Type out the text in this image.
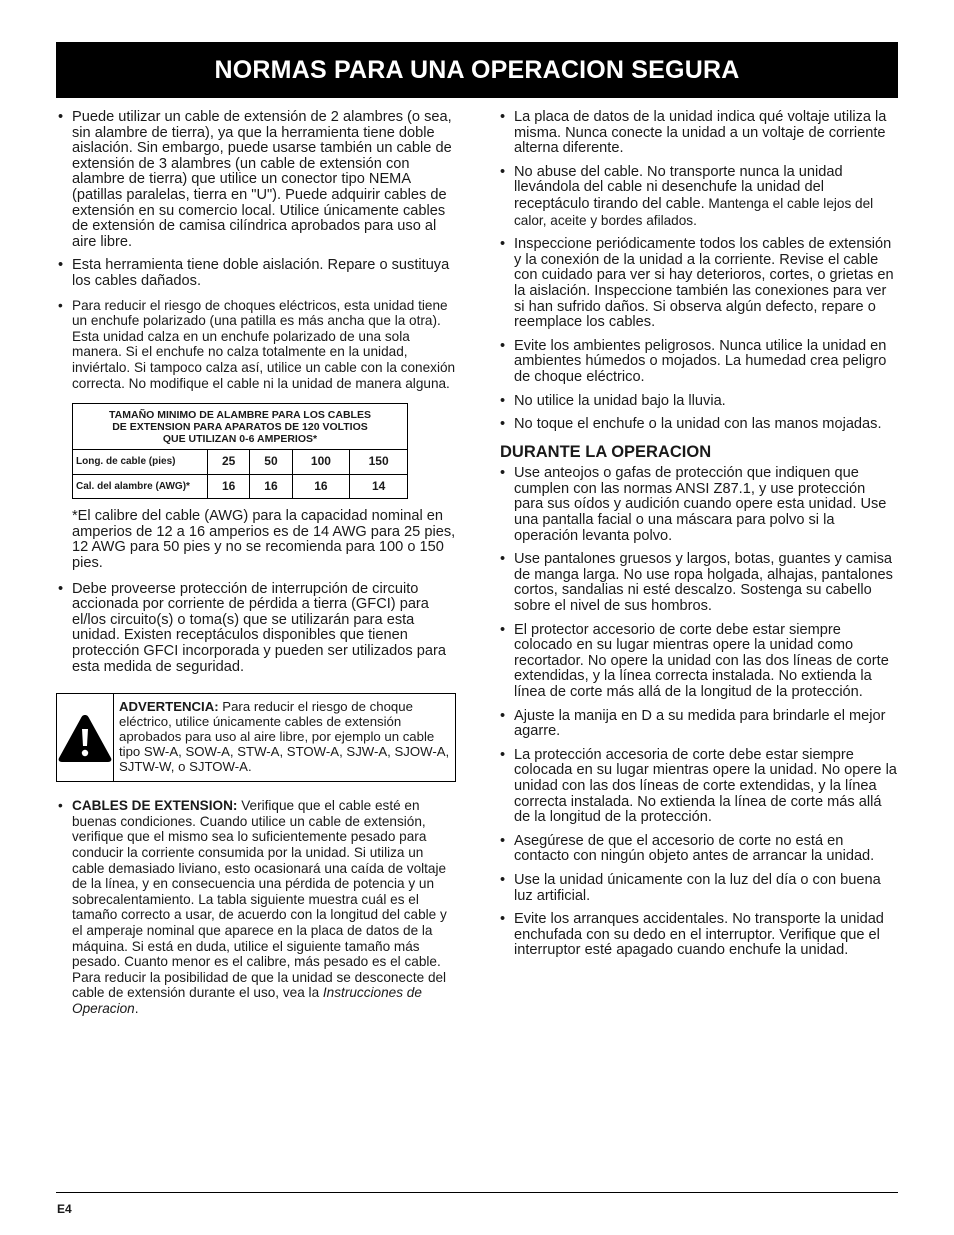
NORMAS PARA UNA OPERACION SEGURA
• Puede utilizar un cable de extensión de 2 alambres (o sea, sin alambre de tierra), ya que la herramienta tiene doble aislación. Sin embargo, puede usarse también un cable de extensión de 3 alambres (un cable de extensión con alambre de tierra) que utilice un conector tipo NEMA (patillas paralelas, tierra en "U"). Puede adquirir cables de extensión en su comercio local. Utilice únicamente cables de extensión de camisa cilíndrica aprobados para uso al aire libre.
• Esta herramienta tiene doble aislación. Repare o sustituya los cables dañados.
• Para reducir el riesgo de choques eléctricos, esta unidad tiene un enchufe polarizado (una patilla es más ancha que la otra). Esta unidad calza en un enchufe polarizado de una sola manera. Si el enchufe no calza totalmente en la unidad, inviértalo. Si tampoco calza así, utilice un cable con la conexión correcta. No modifique el cable ni la unidad de manera alguna.
TAMAÑO MINIMO DE ALAMBRE PARA LOS CABLES
DE EXTENSION PARA APARATOS DE 120 VOLTIOS
QUE UTILIZAN 0-6 AMPERIOS*				
Long. de cable (pies)	25	50	100	150
Cal. del alambre (AWG)*	16	16	16	14

*El calibre del cable (AWG) para la capacidad nominal en amperios de 12 a 16 amperios es de 14 AWG para 25 pies, 12 AWG para 50 pies y no se recomienda para 100 o 150 pies.

• Debe proveerse protección de interrupción de circuito accionada por corriente de pérdida a tierra (GFCI) para el/los circuito(s) o toma(s) que se utilizarán para esta unidad. Existen receptáculos disponibles que tienen protección GFCI incorporada y pueden ser utilizados para esta medida de seguridad.
ADVERTENCIA: Para reducir el riesgo de choque eléctrico, utilice únicamente cables de extensión aprobados para uso al aire libre, por ejemplo un cable tipo SW-A, SOW-A, STW-A, STOW-A, SJW-A, SJOW-A, SJTW-W, o SJTOW-A.
• CABLES DE EXTENSION: Verifique que el cable esté en buenas condiciones. Cuando utilice un cable de extensión, verifique que el mismo sea lo suficientemente pesado para conducir la corriente consumida por la unidad. Si utiliza un cable demasiado liviano, esto ocasionará una caída de voltaje de la línea, y en consecuencia una pérdida de potencia y un sobrecalentamiento. La tabla siguiente muestra cuál es el tamaño correcto a usar, de acuerdo con la longitud del cable y el amperaje nominal que aparece en la placa de datos de la máquina. Si está en duda, utilice el siguiente tamaño más pesado. Cuanto menor es el calibre, más pesado es el cable. Para reducir la posibilidad de que la unidad se desconecte del cable de extensión durante el uso, vea la Instrucciones de Operacion.
• La placa de datos de la unidad indica qué voltaje utiliza la misma. Nunca conecte la unidad a un voltaje de corriente alterna diferente.
• No abuse del cable. No transporte nunca la unidad llevándola del cable ni desenchufe la unidad del receptáculo tirando del cable. Mantenga el cable lejos del calor, aceite y bordes afilados.
• Inspeccione periódicamente todos los cables de extensión y la conexión de la unidad a la corriente. Revise el cable con cuidado para ver si hay deterioros, cortes, o grietas en la aislación. Inspeccione también las conexiones para ver si han sufrido daños. Si observa algún defecto, repare o reemplace los cables.
• Evite los ambientes peligrosos. Nunca utilice la unidad en ambientes húmedos o mojados. La humedad crea peligro de choque eléctrico.
• No utilice la unidad bajo la lluvia.
• No toque el enchufe o la unidad con las manos mojadas.
DURANTE LA OPERACION
• Use anteojos o gafas de protección que indiquen que cumplen con las normas ANSI Z87.1, y use protección para sus oídos y audición cuando opere esta unidad. Use una pantalla facial o una máscara para polvo si la operación levanta polvo.
• Use pantalones gruesos y largos, botas, guantes y camisa de manga larga. No use ropa holgada, alhajas, pantalones cortos, sandalias ni esté descalzo. Sostenga su cabello sobre el nivel de sus hombros.
• El protector accesorio de corte debe estar siempre colocado en su lugar mientras opere la unidad como recortador. No opere la unidad con las dos líneas de corte extendidas, y la línea correcta instalada. No extienda la línea de corte más allá de la longitud de la protección.
• Ajuste la manija en D a su medida para brindarle el mejor agarre.
• La protección accesoria de corte debe estar siempre colocada en su lugar mientras opere la unidad. No opere la unidad con las dos líneas de corte extendidas, y la línea correcta instalada. No extienda la línea de corte más allá de la longitud de la protección.
• Asegúrese de que el accesorio de corte no está en contacto con ningún objeto antes de arrancar la unidad.
• Use la unidad únicamente con la luz del día o con buena luz artificial.
• Evite los arranques accidentales. No transporte la unidad enchufada con su dedo en el interruptor. Verifique que el interruptor esté apagado cuando enchufe la unidad.
E4
